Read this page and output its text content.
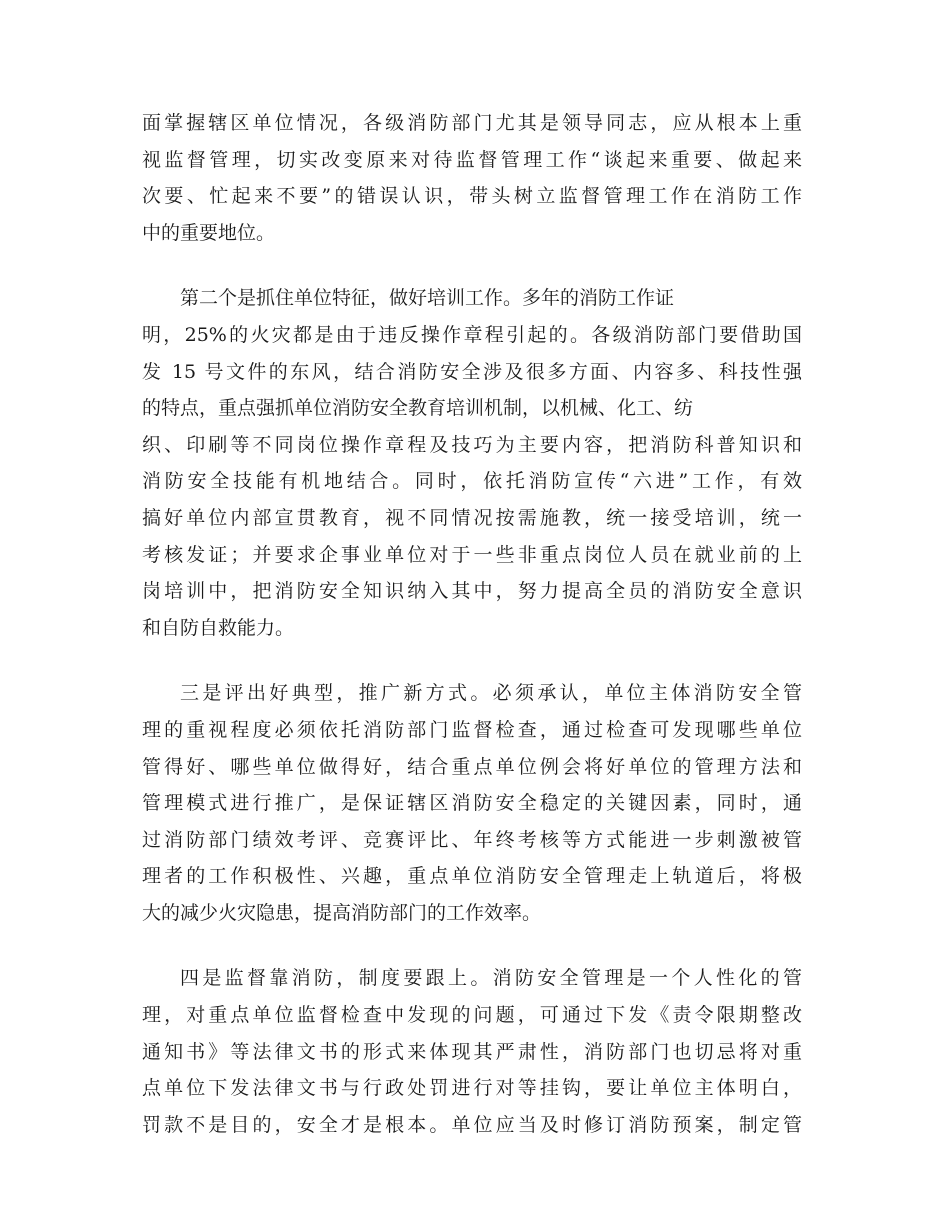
面掌握辖区单位情况，各级消防部门尤其是领导同志，应从根本上重
视监督管理，切实改变原来对待监督管理工作“谈起来重要、做起来
次要、忙起来不要”的错误认识，带头树立监督管理工作在消防工作
中的重要地位。
第二个是抓住单位特征，做好培训工作。多年的消防工作证
明，25%的火灾都是由于违反操作章程引起的。各级消防部门要借助国
发 15 号文件的东风，结合消防安全涉及很多方面、内容多、科技性强
的特点，重点强抓单位消防安全教育培训机制，以机械、化工、纺
织、印刷等不同岗位操作章程及技巧为主要内容，把消防科普知识和
消防安全技能有机地结合。同时，依托消防宣传“六进”工作，有效
搞好单位内部宣贯教育，视不同情况按需施教，统一接受培训，统一
考核发证；并要求企事业单位对于一些非重点岗位人员在就业前的上
岗培训中，把消防安全知识纳入其中，努力提高全员的消防安全意识
和自防自救能力。
三是评出好典型，推广新方式。必须承认，单位主体消防安全管
理的重视程度必须依托消防部门监督检查，通过检查可发现哪些单位
管得好、哪些单位做得好，结合重点单位例会将好单位的管理方法和
管理模式进行推广，是保证辖区消防安全稳定的关键因素，同时，通
过消防部门绩效考评、竞赛评比、年终考核等方式能进一步刺激被管
理者的工作积极性、兴趣，重点单位消防安全管理走上轨道后，将极
大的减少火灾隐患，提高消防部门的工作效率。
四是监督靠消防，制度要跟上。消防安全管理是一个人性化的管
理，对重点单位监督检查中发现的问题，可通过下发《责令限期整改
通知书》等法律文书的形式来体现其严肃性，消防部门也切忌将对重
点单位下发法律文书与行政处罚进行对等挂钩，要让单位主体明白，
罚款不是目的，安全才是根本。单位应当及时修订消防预案，制定管
